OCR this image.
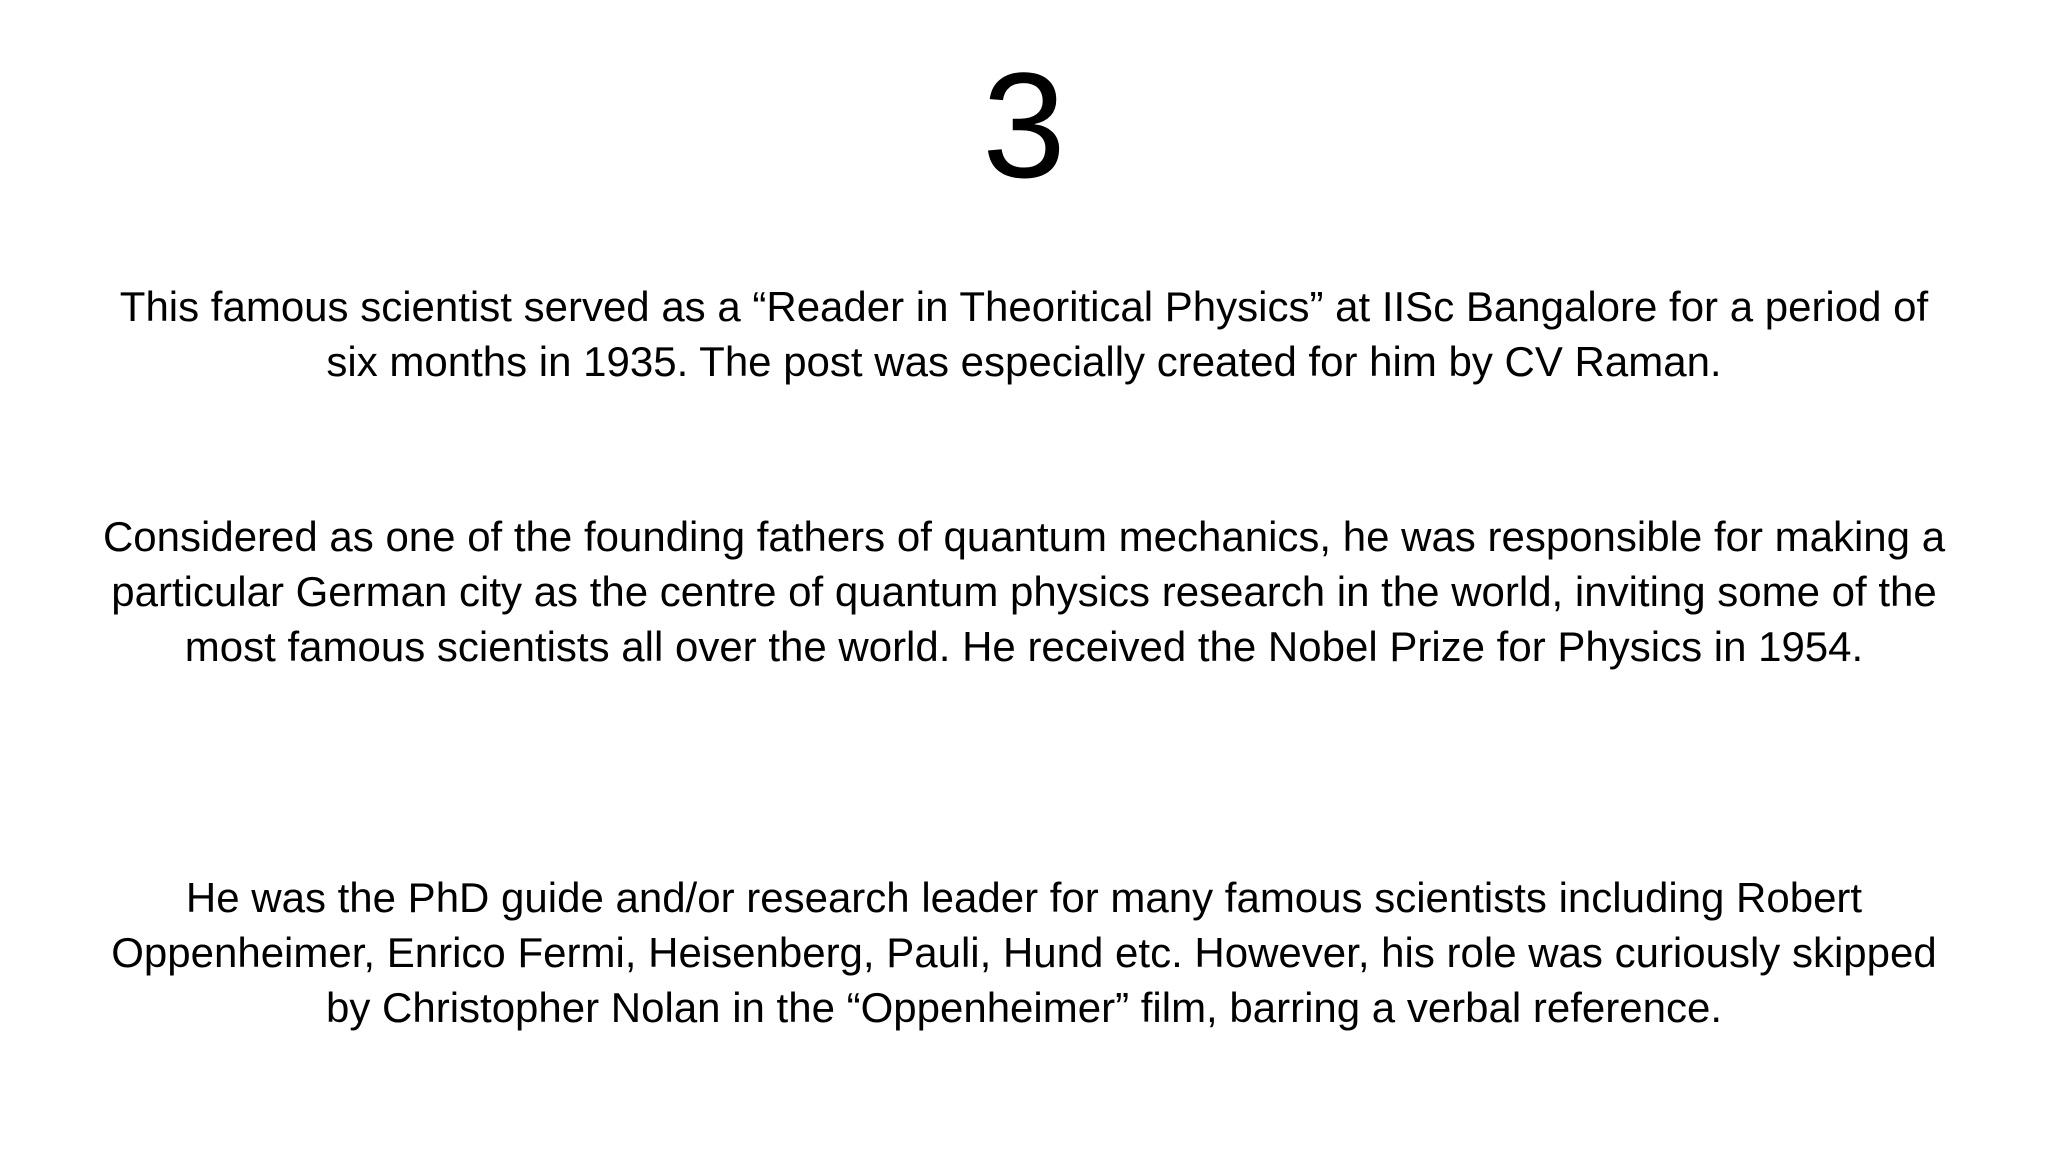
3

This famous scientist served as a “Reader in Theoritical Physics” at IISc Bangalore for a period of six months in 1935. The post was especially created for him by CV Raman.

Considered as one of the founding fathers of quantum mechanics, he was responsible for making a particular German city as the centre of quantum physics research in the world, inviting some of the most famous scientists all over the world. He received the Nobel Prize for Physics in 1954.

He was the PhD guide and/or research leader for many famous scientists including Robert Oppenheimer, Enrico Fermi, Heisenberg, Pauli, Hund etc. However, his role was curiously skipped by Christopher Nolan in the “Oppenheimer” film, barring a verbal reference.
